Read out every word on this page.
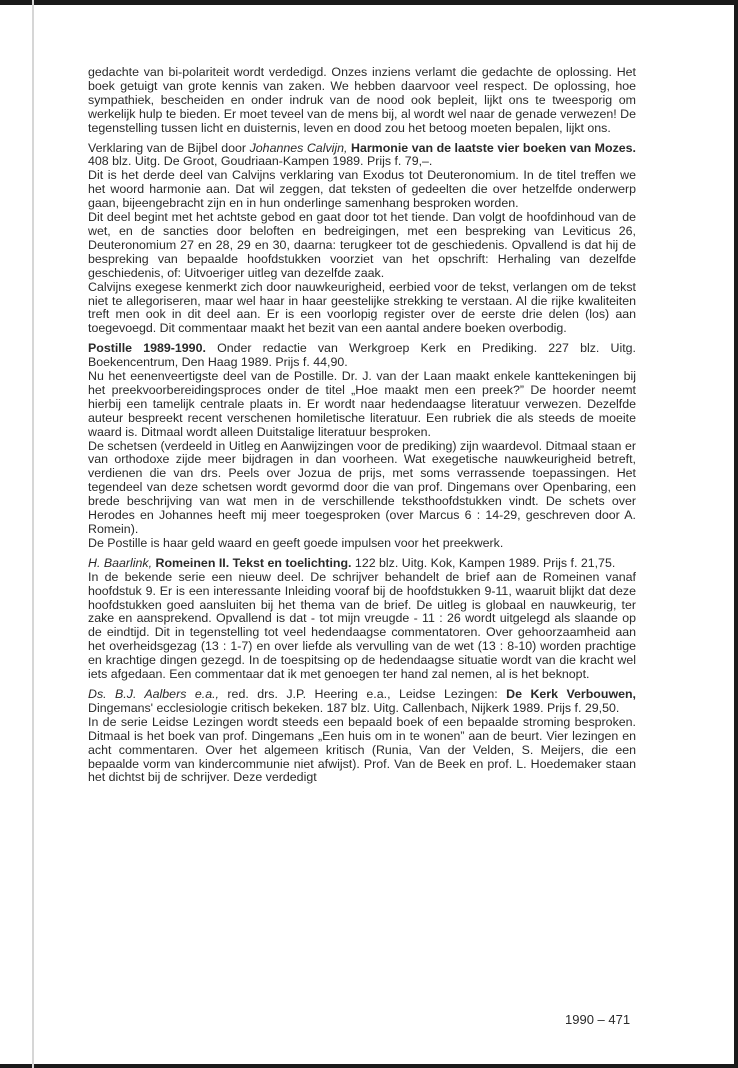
gedachte van bi-polariteit wordt verdedigd. Onzes inziens verlamt die gedachte de oplossing. Het boek getuigt van grote kennis van zaken. We hebben daarvoor veel respect. De oplossing, hoe sympathiek, bescheiden en onder indruk van de nood ook bepleit, lijkt ons te tweesporig om werkelijk hulp te bieden. Er moet teveel van de mens bij, al wordt wel naar de genade verwezen! De tegenstelling tussen licht en duisternis, leven en dood zou het betoog moeten bepalen, lijkt ons.

Verklaring van de Bijbel door Johannes Calvijn, Harmonie van de laatste vier boeken van Mozes. 408 blz. Uitg. De Groot, Goudriaan-Kampen 1989. Prijs f. 79,–.

Dit is het derde deel van Calvijns verklaring van Exodus tot Deuteronomium. In de titel treffen we het woord harmonie aan. Dat wil zeggen, dat teksten of gedeelten die over hetzelfde onderwerp gaan, bijeengebracht zijn en in hun onderlinge samenhang besproken worden.

Dit deel begint met het achtste gebod en gaat door tot het tiende. Dan volgt de hoofdinhoud van de wet, en de sancties door beloften en bedreigingen, met een bespreking van Leviticus 26, Deuteronomium 27 en 28, 29 en 30, daarna: terugkeer tot de geschiedenis. Opvallend is dat hij de bespreking van bepaalde hoofdstukken voorziet van het opschrift: Herhaling van dezelfde geschiedenis, of: Uitvoeriger uitleg van dezelfde zaak.

Calvijns exegese kenmerkt zich door nauwkeurigheid, eerbied voor de tekst, verlangen om de tekst niet te allegoriseren, maar wel haar in haar geestelijke strekking te verstaan. Al die rijke kwaliteiten treft men ook in dit deel aan. Er is een voorlopig register over de eerste drie delen (los) aan toegevoegd. Dit commentaar maakt het bezit van een aantal andere boeken overbodig.

Postille 1989-1990. Onder redactie van Werkgroep Kerk en Prediking. 227 blz. Uitg. Boekencentrum, Den Haag 1989. Prijs f. 44,90.

Nu het eenenveertigste deel van de Postille. Dr. J. van der Laan maakt enkele kanttekeningen bij het preekvoorbereidingsproces onder de titel „Hoe maakt men een preek?” De hoorder neemt hierbij een tamelijk centrale plaats in. Er wordt naar hedendaagse literatuur verwezen. Dezelfde auteur bespreekt recent verschenen homiletische literatuur. Een rubriek die als steeds de moeite waard is. Ditmaal wordt alleen Duitstalige literatuur besproken.

De schetsen (verdeeld in Uitleg en Aanwijzingen voor de prediking) zijn waardevol. Ditmaal staan er van orthodoxe zijde meer bijdragen in dan voorheen. Wat exegetische nauwkeurigheid betreft, verdienen die van drs. Peels over Jozua de prijs, met soms verrassende toepassingen. Het tegendeel van deze schetsen wordt gevormd door die van prof. Dingemans over Openbaring, een brede beschrijving van wat men in de verschillende teksthoofdstukken vindt. De schets over Herodes en Johannes heeft mij meer toegesproken (over Marcus 6 : 14-29, geschreven door A. Romein).

De Postille is haar geld waard en geeft goede impulsen voor het preekwerk.

H. Baarlink, Romeinen II. Tekst en toelichting. 122 blz. Uitg. Kok, Kampen 1989. Prijs f. 21,75.

In de bekende serie een nieuw deel. De schrijver behandelt de brief aan de Romeinen vanaf hoofdstuk 9. Er is een interessante Inleiding vooraf bij de hoofdstukken 9-11, waaruit blijkt dat deze hoofdstukken goed aansluiten bij het thema van de brief. De uitleg is globaal en nauwkeurig, ter zake en aansprekend. Opvallend is dat - tot mijn vreugde - 11 : 26 wordt uitgelegd als slaande op de eindtijd. Dit in tegenstelling tot veel hedendaagse commentatoren. Over gehoorzaamheid aan het overheidsgezag (13 : 1-7) en over liefde als vervulling van de wet (13 : 8-10) worden prachtige en krachtige dingen gezegd. In de toespitsing op de hedendaagse situatie wordt van die kracht wel iets afgedaan. Een commentaar dat ik met genoegen ter hand zal nemen, al is het beknopt.

Ds. B.J. Aalbers e.a., red. drs. J.P. Heering e.a., Leidse Lezingen: De Kerk Verbouwen, Dingemans' ecclesiologie critisch bekeken. 187 blz. Uitg. Callenbach, Nijkerk 1989. Prijs f. 29,50.

In de serie Leidse Lezingen wordt steeds een bepaald boek of een bepaalde stroming besproken. Ditmaal is het boek van prof. Dingemans „Een huis om in te wonen” aan de beurt. Vier lezingen en acht commentaren. Over het algemeen kritisch (Runia, Van der Velden, S. Meijers, die een bepaalde vorm van kindercommunie niet afwijst). Prof. Van de Beek en prof. L. Hoedemaker staan het dichtst bij de schrijver. Deze verdedigt

1990 – 471
